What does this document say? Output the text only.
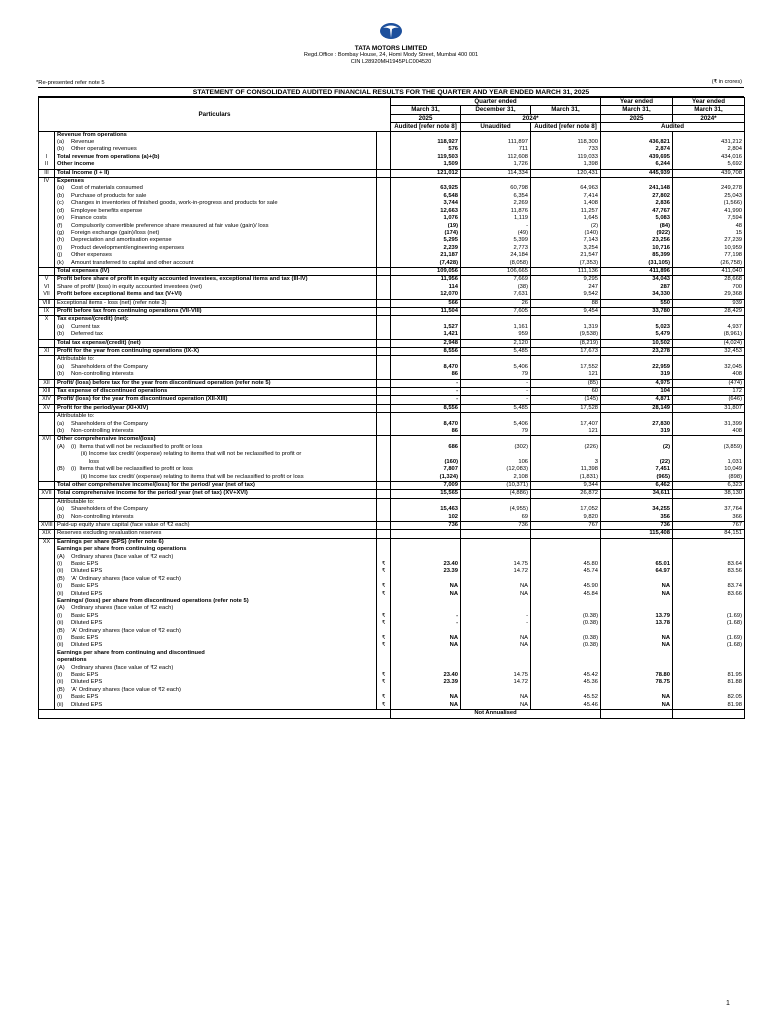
TATA MOTORS LIMITED
Regd.Office : Bombay House, 24, Homi Mody Street, Mumbai 400 001
CIN L28920MH1945PLC004520
(₹ in crores)
STATEMENT OF CONSOLIDATED AUDITED FINANCIAL RESULTS FOR THE QUARTER AND YEAR ENDED MARCH 31, 2025
Particulars			Quarter ended			Year ended	Year ended
			March 31,	December 31,	March 31,	March 31,	March 31,
			2025	2024*		2025	2024*
			Audited [refer note 8]	Unaudited	Audited [refer note 8]	Audited	
	Revenue from operations						
	(a) Revenue		118,927	111,897	118,300	436,821	431,212
	(b) Other operating revenues		576	711	733	2,874	2,804
I	Total revenue from operations (a)+(b)		119,503	112,608	119,033	439,695	434,016
II	Other income		1,509	1,726	1,398	6,244	5,692
III	Total Income (I + II)		121,012	114,334	120,431	445,939	439,708
IV	Expenses						
	(a) Cost of materials consumed		63,925	60,798	64,963	241,148	249,278
	(b) Purchase of products for sale		6,548	6,354	7,414	27,802	25,043
	(c) Changes in inventories of finished goods, work-in-progress and products for sale		3,744	2,269	1,408	2,836	(1,566)
	(d) Employee benefits expense		12,663	11,876	11,257	47,767	41,990
	(e) Finance costs		1,076	1,119	1,645	5,083	7,594
	(f) Compulsorily convertible preference share measured at fair value (gain)/ loss		(19)	-	(2)	(84)	48
	(g) Foreign exchange (gain)/loss (net)		(174)	(49)	(140)	(922)	15
	(h) Depreciation and amortisation expense		5,295	5,399	7,143	23,256	27,239
	(i) Product development/engineering expenses		2,239	2,773	3,254	10,716	10,959
	(j) Other expenses		21,187	24,184	21,547	85,399	77,198
	(k) Amount transferred to capital and other account		(7,428)	(8,058)	(7,353)	(31,105)	(26,758)
	Total expenses (IV)		109,056	106,665	111,136	411,896	411,040
V	Profit before share of profit in equity accounted investees, exceptional items and tax (III-IV)		11,956	7,669	9,295	34,043	28,668
VI	Share of profit/ (loss) in equity accounted investees (net)		114	(38)	247	287	700
VII	Profit before exceptional items and tax (V+VI)		12,070	7,631	9,542	34,330	29,368
VIII	Exceptional items - loss (net) (refer note 3)		566	26	88	550	939
IX	Profit before tax from continuing operations (VII-VIII)		11,504	7,605	9,454	33,780	28,429
X	Tax expense/(credit) (net):						
	(a) Current tax		1,527	1,161	1,319	5,023	4,937
	(b) Deferred tax		1,421	959	(9,538)	5,479	(8,961)
	Total tax expense/(credit) (net)		2,948	2,120	(8,219)	10,502	(4,024)
XI	Profit for the year from continuing operations (IX-X)		8,556	5,485	17,673	23,278	32,453
	Attributable to:						
	(a) Shareholders of the Company		8,470	5,406	17,552	22,959	32,045
	(b) Non-controlling interests		86	79	121	319	408
XII	Profit/ (loss) before tax for the year from discontinued operation (refer note 5)		-	-	(85)	4,975	(474)
XIII	Tax expense of discontinued operations		-	-	60	104	172
XIV	Profit/ (loss) for the year from discontinued operation (XII-XIII)		-	-	(145)	4,871	(646)
XV	Profit for the period/year (XI+XIV)		8,556	5,485	17,528	28,149	31,807
	Attributable to:						
	(a) Shareholders of the Company		8,470	5,406	17,407	27,830	31,399
	(b) Non-controlling interests		86	79	121	319	408
XVI	Other comprehensive income/(loss)						
	(A) (i)  Items that will not be reclassified to profit or loss		686	(302)	(226)	(2)	(3,859)
	(ii) Income tax credit/ (expense) relating to items that will not be reclassified to profit or						
	loss		(160)	106	3	(22)	1,031
	(B) (i)  Items that will be reclassified to profit or loss		7,807	(12,083)	11,398	7,451	10,049
	(ii) Income tax credit/ (expense) relating to items that will be reclassified to profit or loss		(1,324)	2,108	(1,831)	(965)	(898)
	Total other comprehensive income/(loss) for the period/ year (net of tax)		7,009	(10,371)	9,344	6,462	6,323
XVII	Total comprehensive income for the period/ year (net of tax) (XV+XVI)		15,565	(4,886)	26,872	34,611	38,130
	Attributable to:						
	(a) Shareholders of the Company		15,463	(4,955)	17,052	34,255	37,764
	(b) Non-controlling interests		102	69	9,820	356	366
XVIII	Paid-up equity share capital (face value of ₹2 each)		736	736	767	736	767
XIX	Reserves excluding revaluation reserves					115,408	84,151
XX	Earnings per share (EPS) (refer note 6)						
	Earnings per share from continuing operations						
	(A) Ordinary shares (face value of ₹2 each)						
	(i) Basic EPS	₹	23.40	14.75	45.80	65.01	83.64
	(ii) Diluted EPS	₹	23.39	14.72	45.74	64.97	83.56
	(B) 'A' Ordinary shares (face value of ₹2 each)						
	(i) Basic EPS	₹	NA	NA	45.90	NA	83.74
	(ii) Diluted EPS	₹	NA	NA	45.84	NA	83.66
	Earnings/ (loss) per share from discontinued operations (refer note 5)						
	(A) Ordinary shares (face value of ₹2 each)						
	(i) Basic EPS	₹	-	-	(0.38)	13.79	(1.69)
	(ii) Diluted EPS	₹	-	-	(0.38)	13.78	(1.68)
	(B) 'A' Ordinary shares (face value of ₹2 each)						
	(i) Basic EPS	₹	NA	NA	(0.38)	NA	(1.69)
	(ii) Diluted EPS	₹	NA	NA	(0.38)	NA	(1.68)
	Earnings per share from continuing and discontinued						
	operations						
	(A) Ordinary shares (face value of ₹2 each)						
	(i) Basic EPS	₹	23.40	14.75	45.42	78.80	81.95
	(ii) Diluted EPS	₹	23.39	14.72	45.36	78.75	81.88
	(B) 'A' Ordinary shares (face value of ₹2 each)						
	(i) Basic EPS	₹	NA	NA	45.52	NA	82.05
	(ii) Diluted EPS	₹	NA	NA	45.46	NA	81.98
			Not Annualised				
*Re-presented refer note 5
1
